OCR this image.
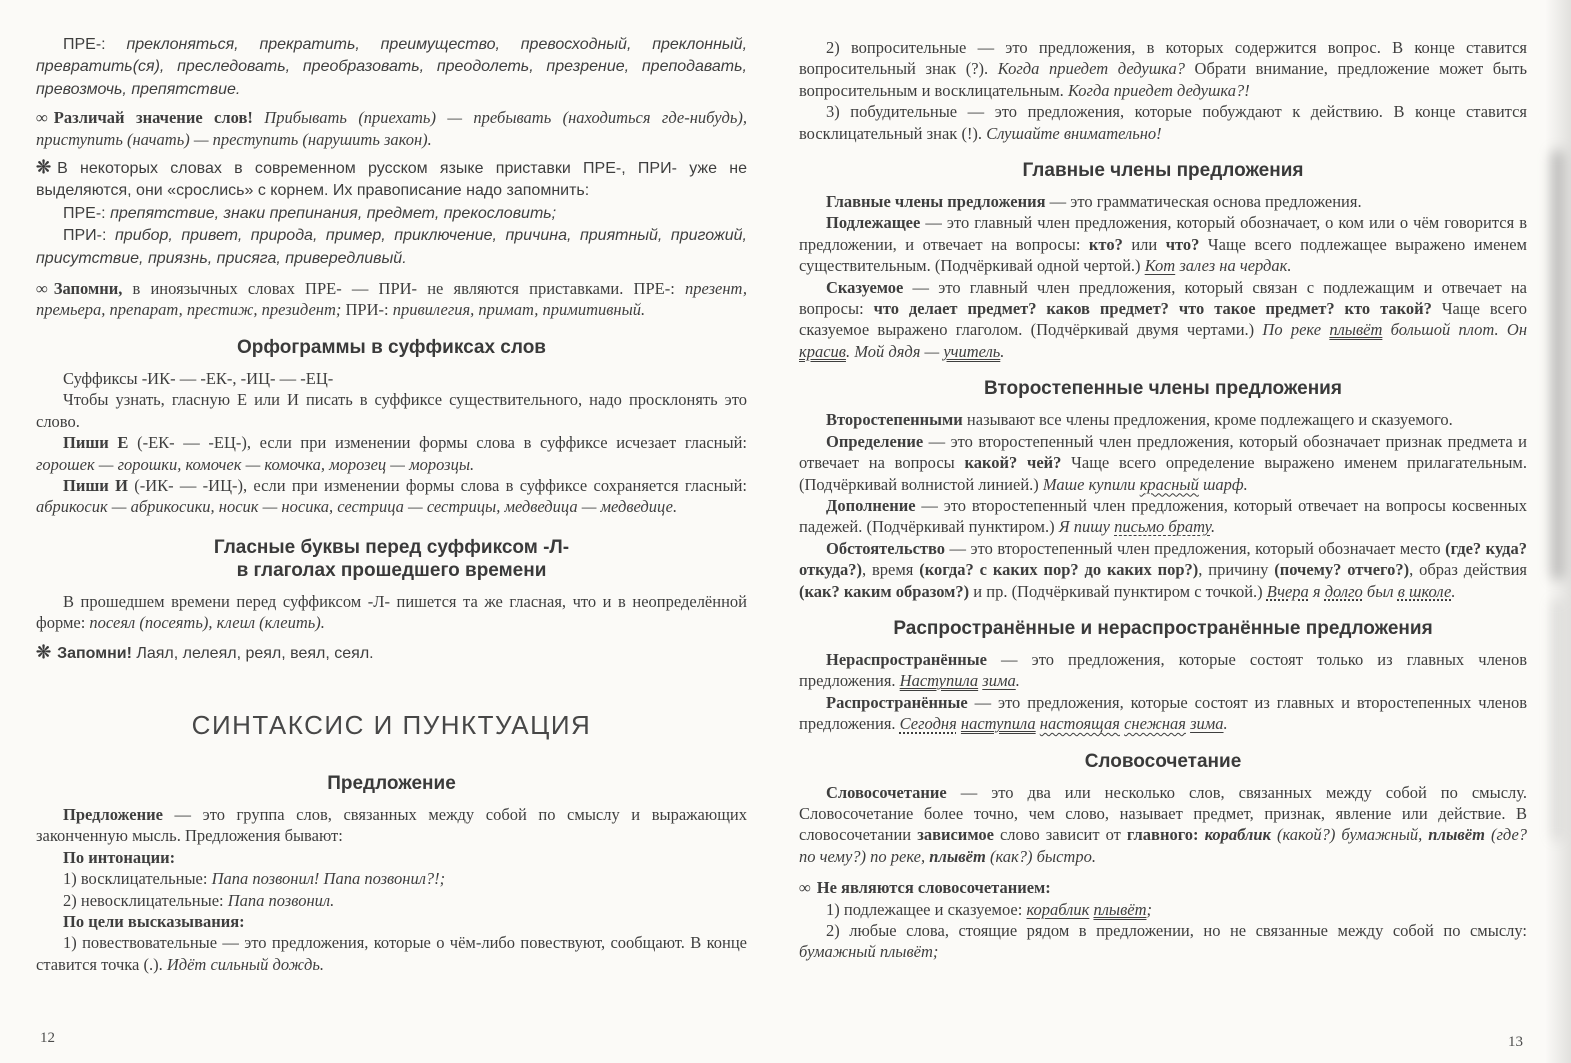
ПРЕ-: преклоняться, прекратить, преимущество, превосходный, преклонный, превратить(ся), преследовать, преобразовать, преодолеть, презрение, преподавать, превозмочь, препятствие.

∞ Различай значение слов! Прибывать (приехать) — пребывать (находиться где-нибудь), приступить (начать) — преступить (нарушить закон).

❊ В некоторых словах в современном русском языке приставки ПРЕ-, ПРИ- уже не выделяются, они «срослись» с корнем. Их правописание надо запомнить:

ПРЕ-: препятствие, знаки препинания, предмет, прекословить;

ПРИ-: прибор, привет, природа, пример, приключение, причина, приятный, пригожий, присутствие, приязнь, присяга, привередливый.

∞ Запомни, в иноязычных словах ПРЕ- — ПРИ- не являются приставками. ПРЕ-: презент, премьера, препарат, престиж, президент; ПРИ-: привилегия, примат, примитивный.

Орфограммы в суффиксах слов

Суффиксы -ИК- — -ЕК-, -ИЦ- — -ЕЦ-

Чтобы узнать, гласную Е или И писать в суффиксе существительного, надо просклонять это слово.

Пиши Е (-ЕК- — -ЕЦ-), если при изменении формы слова в суффиксе исчезает гласный: горошек — горошки, комочек — комочка, морозец — морозцы.

Пиши И (-ИК- — -ИЦ-), если при изменении формы слова в суффиксе сохраняется гласный: абрикосик — абрикосики, носик — носика, сестрица — сестрицы, медведица — медведице.

Гласные буквы перед суффиксом -Л-
в глаголах прошедшего времени

В прошедшем времени перед суффиксом -Л- пишется та же гласная, что и в неопределённой форме: посеял (посеять), клеил (клеить).

❊ Запомни! Лаял, лелеял, реял, веял, сеял.

СИНТАКСИС И ПУНКТУАЦИЯ
Предложение

Предложение — это группа слов, связанных между собой по смыслу и выражающих законченную мысль. Предложения бывают:

По интонации:

1) восклицательные: Папа позвонил! Папа позвонил?!;

2) невосклицательные: Папа позвонил.

По цели высказывания:

1) повествовательные — это предложения, которые о чём-либо повествуют, сообщают. В конце ставится точка (.). Идёт сильный дождь.

12

2) вопросительные — это предложения, в которых содержится вопрос. В конце ставится вопросительный знак (?). Когда приедет дедушка? Обрати внимание, предложение может быть вопросительным и восклицательным. Когда приедет дедушка?!

3) побудительные — это предложения, которые побуждают к действию. В конце ставится восклицательный знак (!). Слушайте внимательно!

Главные члены предложения

Главные члены предложения — это грамматическая основа предложения.

Подлежащее — это главный член предложения, который обозначает, о ком или о чём говорится в предложении, и отвечает на вопросы: кто? или что? Чаще всего подлежащее выражено именем существительным. (Подчёркивай одной чертой.) Кот залез на чердак.

Сказуемое — это главный член предложения, который связан с подлежащим и отвечает на вопросы: что делает предмет? каков предмет? что такое предмет? кто такой? Чаще всего сказуемое выражено глаголом. (Подчёркивай двумя чертами.) По реке плывёт большой плот. Он красив. Мой дядя — учитель.

Второстепенные члены предложения

Второстепенными называют все члены предложения, кроме подлежащего и сказуемого.

Определение — это второстепенный член предложения, который обозначает признак предмета и отвечает на вопросы какой? чей? Чаще всего определение выражено именем прилагательным. (Подчёркивай волнистой линией.) Маше купили красный шарф.

Дополнение — это второстепенный член предложения, который отвечает на вопросы косвенных падежей. (Подчёркивай пунктиром.) Я пишу письмо брату.

Обстоятельство — это второстепенный член предложения, который обозначает место (где? куда? откуда?), время (когда? с каких пор? до каких пор?), причину (почему? отчего?), образ действия (как? каким образом?) и пр. (Подчёркивай пунктиром с точкой.) Вчера я долго был в школе.

Распространённые и нераспространённые предложения

Нераспространённые — это предложения, которые состоят только из главных членов предложения. Наступила зима.

Распространённые — это предложения, которые состоят из главных и второстепенных членов предложения. Сегодня наступила настоящая снежная зима.

Словосочетание

Словосочетание — это два или несколько слов, связанных между собой по смыслу. Словосочетание более точно, чем слово, называет предмет, признак, явление или действие. В словосочетании зависимое слово зависит от главного: кораблик (какой?) бумажный, плывёт (где? по чему?) по реке, плывёт (как?) быстро.

∞ Не являются словосочетанием:

1) подлежащее и сказуемое: кораблик плывёт;

2) любые слова, стоящие рядом в предложении, но не связанные между собой по смыслу: бумажный плывёт;

13
